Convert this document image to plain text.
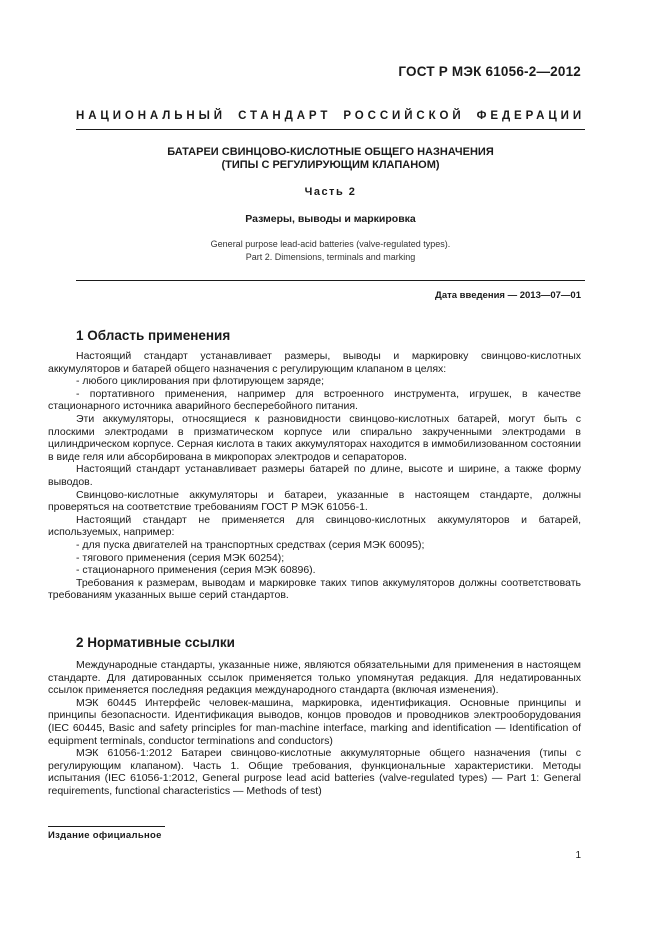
ГОСТ Р МЭК 61056-2—2012
НАЦИОНАЛЬНЫЙ СТАНДАРТ РОССИЙСКОЙ ФЕДЕРАЦИИ
БАТАРЕИ СВИНЦОВО-КИСЛОТНЫЕ ОБЩЕГО НАЗНАЧЕНИЯ
(ТИПЫ С РЕГУЛИРУЮЩИМ КЛАПАНОМ)
Часть 2
Размеры, выводы и маркировка
General purpose lead-acid batteries (valve-regulated types).
Part 2. Dimensions, terminals and marking
Дата введения — 2013—07—01
1 Область применения
Настоящий стандарт устанавливает размеры, выводы и маркировку свинцово-кислотных аккумуляторов и батарей общего назначения с регулирующим клапаном в целях:
- любого циклирования при флотирующем заряде;
- портативного применения, например для встроенного инструмента, игрушек, в качестве стационарного источника аварийного бесперебойного питания.
Эти аккумуляторы, относящиеся к разновидности свинцово-кислотных батарей, могут быть с плоскими электродами в призматическом корпусе или спирально закрученными электродами в цилиндрическом корпусе. Серная кислота в таких аккумуляторах находится в иммобилизованном состоянии в виде геля или абсорбирована в микропорах электродов и сепараторов.
Настоящий стандарт устанавливает размеры батарей по длине, высоте и ширине, а также форму выводов.
Свинцово-кислотные аккумуляторы и батареи, указанные в настоящем стандарте, должны проверяться на соответствие требованиям ГОСТ Р МЭК 61056-1.
Настоящий стандарт не применяется для свинцово-кислотных аккумуляторов и батарей, используемых, например:
- для пуска двигателей на транспортных средствах (серия МЭК 60095);
- тягового применения (серия МЭК 60254);
- стационарного применения (серия МЭК 60896).
Требования к размерам, выводам и маркировке таких типов аккумуляторов должны соответствовать требованиям указанных выше серий стандартов.
2 Нормативные ссылки
Международные стандарты, указанные ниже, являются обязательными для применения в настоящем стандарте. Для датированных ссылок применяется только упомянутая редакция. Для недатированных ссылок применяется последняя редакция международного стандарта (включая изменения).
МЭК 60445 Интерфейс человек-машина, маркировка, идентификация. Основные принципы и принципы безопасности. Идентификация выводов, концов проводов и проводников электрооборудования (IEC 60445, Basic and safety principles for man-machine interface, marking and identification — Identification of equipment terminals, conductor terminations and conductors)
МЭК 61056-1:2012 Батареи свинцово-кислотные аккумуляторные общего назначения (типы с регулирующим клапаном). Часть 1. Общие требования, функциональные характеристики. Методы испытания (IEC 61056-1:2012, General purpose lead acid batteries (valve-regulated types) — Part 1: General requirements, functional characteristics — Methods of test)
Издание официальное
1
